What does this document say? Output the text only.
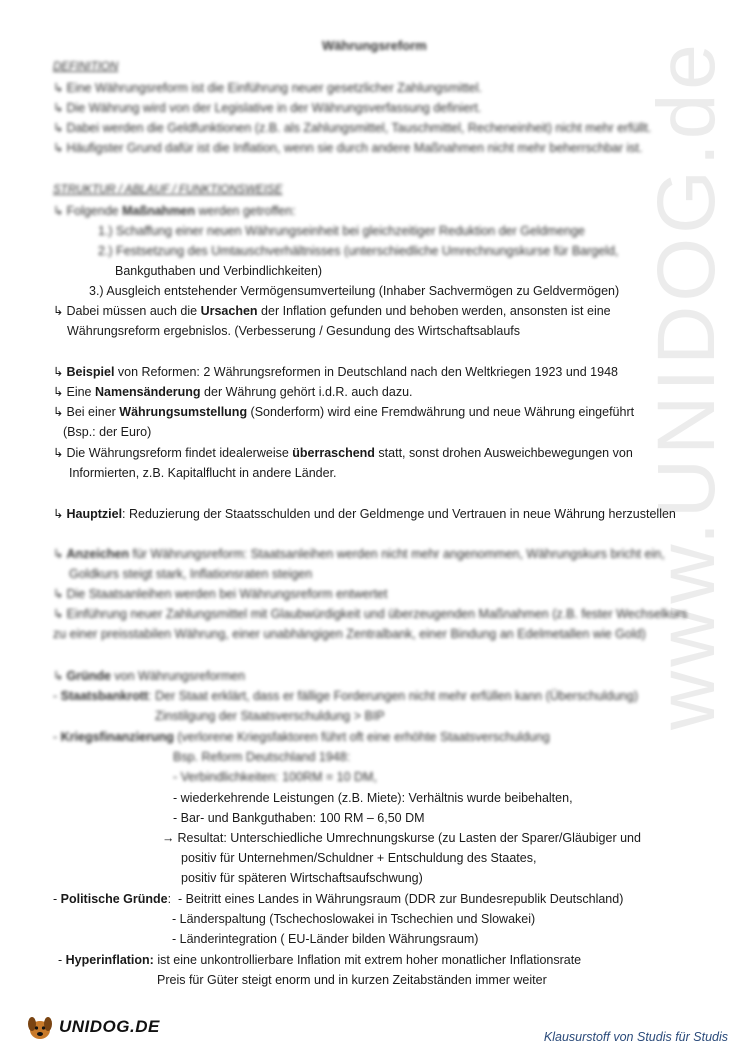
www.UNIDOG.de
Währungsreform
DEFINITION
↳ Eine Währungsreform ist die Einführung neuer gesetzlicher Zahlungsmittel.
↳ Die Währung wird von der Legislative in der Währungsverfassung definiert.
↳ Dabei werden die Geldfunktionen (z.B. als Zahlungsmittel, Tauschmittel, Recheneinheit) nicht mehr erfüllt.
↳ Häufigster Grund dafür ist die Inflation, wenn sie durch andere Maßnahmen nicht mehr beherrschbar ist.
STRUKTUR / ABLAUF / FUNKTIONSWEISE
↳ Folgende Maßnahmen werden getroffen:
1.) Schaffung einer neuen Währungseinheit bei gleichzeitiger Reduktion der Geldmenge
2.) Festsetzung des Umtauschverhältnisses (unterschiedliche Umrechnungskurse für Bargeld,
Bankguthaben und Verbindlichkeiten)
3.) Ausgleich entstehender Vermögensumverteilung (Inhaber Sachvermögen zu Geldvermögen)
↳ Dabei müssen auch die Ursachen der Inflation gefunden und behoben werden, ansonsten ist eine
Währungsreform ergebnislos. (Verbesserung / Gesundung des Wirtschaftsablaufs
↳ Beispiel von Reformen: 2 Währungsreformen in Deutschland nach den Weltkriegen 1923 und 1948
↳ Eine Namensänderung der Währung gehört i.d.R. auch dazu.
↳ Bei einer Währungsumstellung (Sonderform) wird eine Fremdwährung und neue Währung eingeführt
(Bsp.: der Euro)
↳ Die Währungsreform findet idealerweise überraschend statt, sonst drohen Ausweichbewegungen von
Informierten, z.B. Kapitalflucht in andere Länder.
↳ Hauptziel: Reduzierung der Staatsschulden und der Geldmenge und Vertrauen in neue Währung herzustellen
↳ Anzeichen für Währungsreform: Staatsanleihen werden nicht mehr angenommen, Währungskurs bricht ein,
Goldkurs steigt stark, Inflationsraten steigen
↳ Die Staatsanleihen werden bei Währungsreform entwertet
↳ Einführung neuer Zahlungsmittel mit Glaubwürdigkeit und überzeugenden Maßnahmen (z.B. fester Wechselkurs
zu einer preisstabilen Währung, einer unabhängigen Zentralbank, einer Bindung an Edelmetallen wie Gold)
↳ Gründe von Währungsreformen
- Staatsbankrott: Der Staat erklärt, dass er fällige Forderungen nicht mehr erfüllen kann (Überschuldung)
Zinstilgung der Staatsverschuldung > BIP
- Kriegsfinanzierung (verlorene Kriegsfaktoren führt oft eine erhöhte Staatsverschuldung
Bsp. Reform Deutschland 1948:
- Verbindlichkeiten: 100RM = 10 DM,
- wiederkehrende Leistungen (z.B. Miete): Verhältnis wurde beibehalten,
- Bar- und Bankguthaben: 100 RM – 6,50 DM
→ Resultat: Unterschiedliche Umrechnungskurse (zu Lasten der Sparer/Gläubiger und
positiv für Unternehmen/Schuldner + Entschuldung des Staates,
positiv für späteren Wirtschaftsaufschwung)
- Politische Gründe:  - Beitritt eines Landes in Währungsraum (DDR zur Bundesrepublik Deutschland)
- Länderspaltung (Tschechoslowakei in Tschechien und Slowakei)
- Länderintegration ( EU-Länder bilden Währungsraum)
- Hyperinflation: ist eine unkontrollierbare Inflation mit extrem hoher monatlicher Inflationsrate
Preis für Güter steigt enorm und in kurzen Zeitabständen immer weiter
UNIDOG.DE
Klausurstoff von Studis für Studis
